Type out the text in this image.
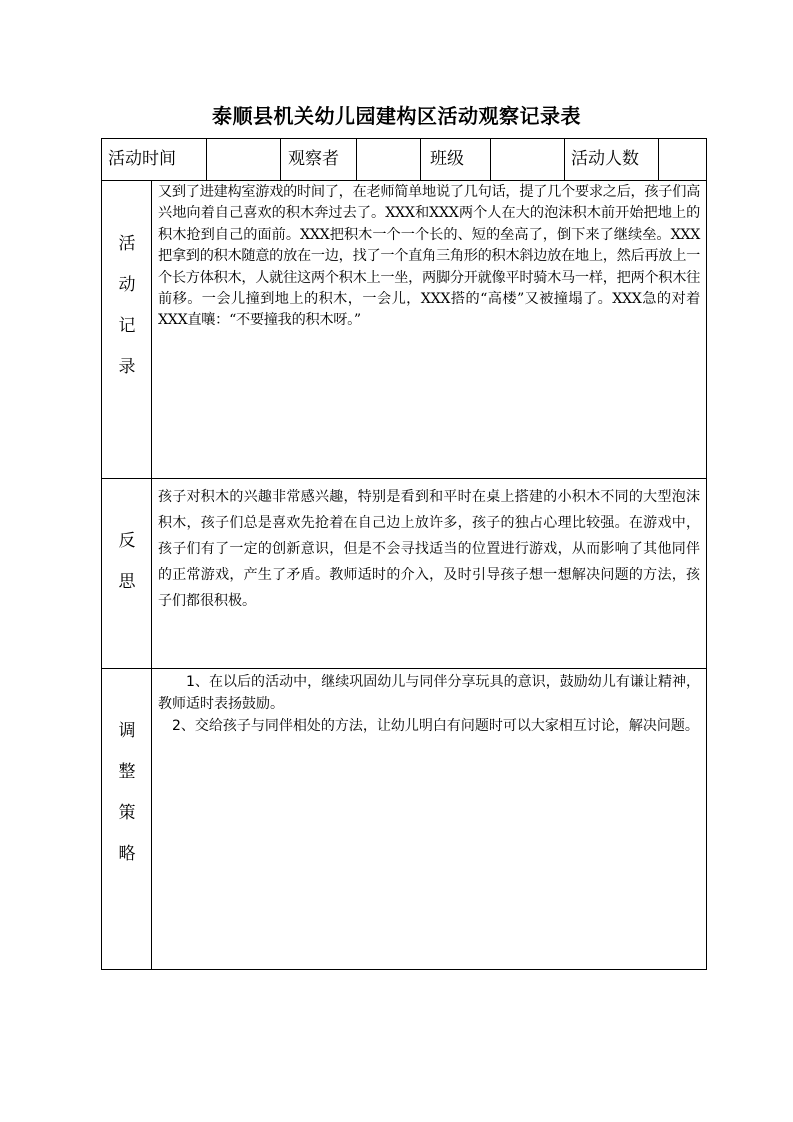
泰顺县机关幼儿园建构区活动观察记录表
活动时间	观察者	班级	活动人数
活
动
记
录
又到了进建构室游戏的时间了，在老师简单地说了几句话，提了几个要求之后，孩子们高兴地向着自己喜欢的积木奔过去了。XXX和XXX两个人在大的泡沫积木前开始把地上的积木抢到自己的面前。XXX把积木一个一个长的、短的垒高了，倒下来了继续垒。XXX把拿到的积木随意的放在一边，找了一个直角三角形的积木斜边放在地上，然后再放上一个长方体积木，人就往这两个积木上一坐，两脚分开就像平时骑木马一样，把两个积木往前移。一会儿撞到地上的积木，一会儿，XXX搭的“高楼”又被撞塌了。XXX急的对着XXX直嚷：“不要撞我的积木呀。”
反
思
孩子对积木的兴趣非常感兴趣，特别是看到和平时在桌上搭建的小积木不同的大型泡沫积木，孩子们总是喜欢先抢着在自己边上放许多，孩子的独占心理比较强。在游戏中，孩子们有了一定的创新意识，但是不会寻找适当的位置进行游戏，从而影响了其他同伴的正常游戏，产生了矛盾。教师适时的介入，及时引导孩子想一想解决问题的方法，孩子们都很积极。
调
整
策
略

1、在以后的活动中，继续巩固幼儿与同伴分享玩具的意识，鼓励幼儿有谦让精神，教师适时表扬鼓励。

2、交给孩子与同伴相处的方法，让幼儿明白有问题时可以大家相互讨论，解决问题。
